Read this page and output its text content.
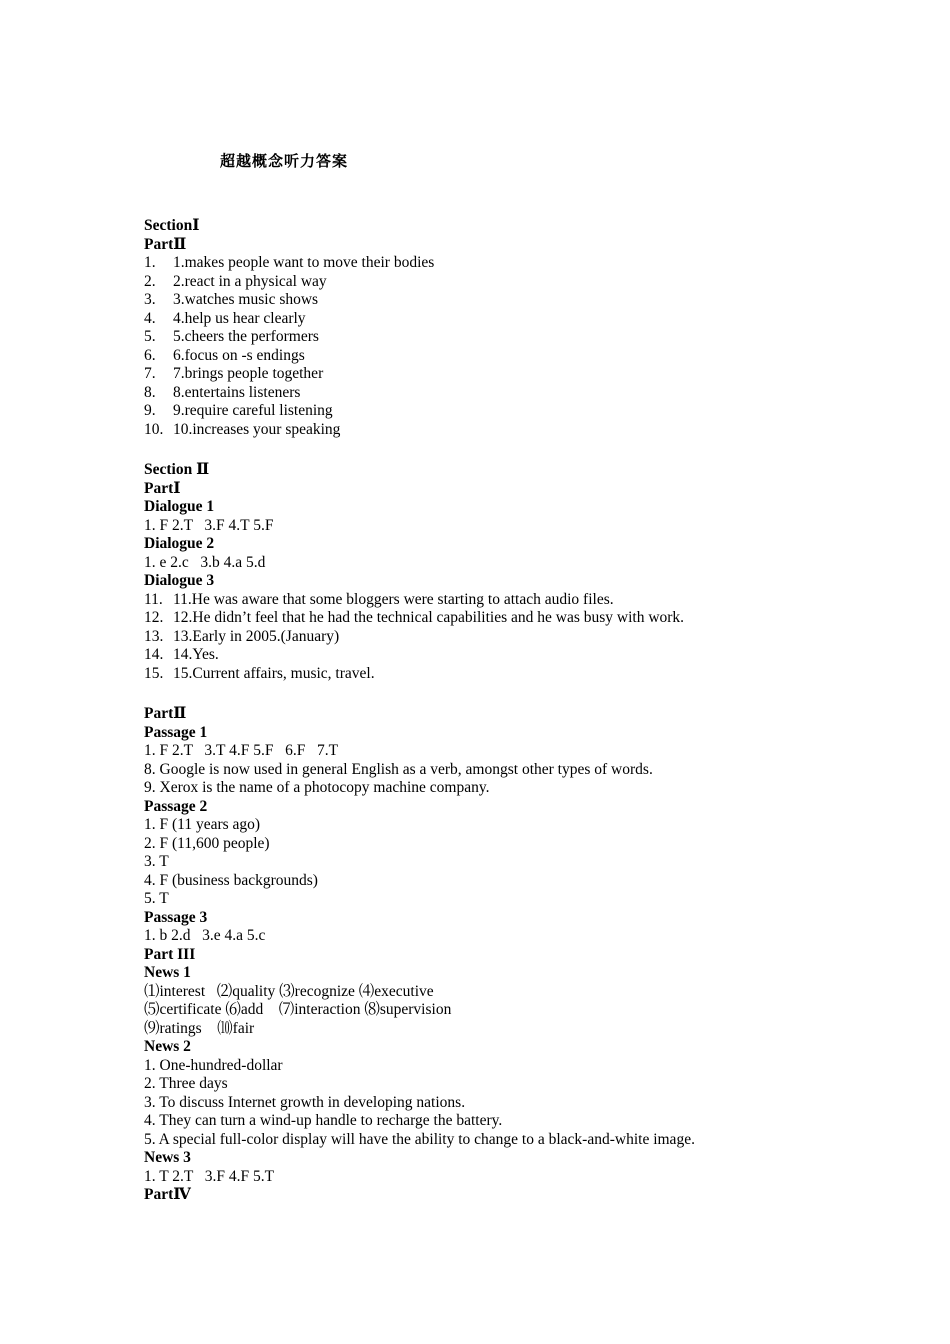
超越概念听力答案
SectionⅠ
PartⅡ
1. 1.makes people want to move their bodies
2. 2.react in a physical way
3. 3.watches music shows
4. 4.help us hear clearly
5. 5.cheers the performers
6. 6.focus on -s endings
7. 7.brings people together
8. 8.entertains listeners
9. 9.require careful listening
10. 10.increases your speaking
Section Ⅱ
PartⅠ
Dialogue 1
1. F 2.T   3.F 4.T 5.F
Dialogue 2
1. e 2.c   3.b 4.a 5.d
Dialogue 3
11. 11.He was aware that some bloggers were starting to attach audio files.
12. 12.He didn’t feel that he had the technical capabilities and he was busy with work.
13. 13.Early in 2005.(January)
14. 14.Yes.
15. 15.Current affairs, music, travel.
PartⅡ
Passage 1
1. F 2.T   3.T 4.F 5.F   6.F   7.T
8. Google is now used in general English as a verb, amongst other types of words.
9. Xerox is the name of a photocopy machine company.
Passage 2
1. F (11 years ago)
2. F (11,600 people)
3. T
4. F (business backgrounds)
5. T
Passage 3
1. b 2.d   3.e 4.a 5.c
Part III
News 1
⑴interest   ⑵quality ⑶recognize ⑷executive
⑸certificate ⑹add    ⑺interaction ⑻supervision
⑼ratings    ⑽fair
News 2
1. One-hundred-dollar
2. Three days
3. To discuss Internet growth in developing nations.
4. They can turn a wind-up handle to recharge the battery.
5. A special full-color display will have the ability to change to a black-and-white image.
News 3
1. T 2.T   3.F 4.F 5.T
PartⅣ
